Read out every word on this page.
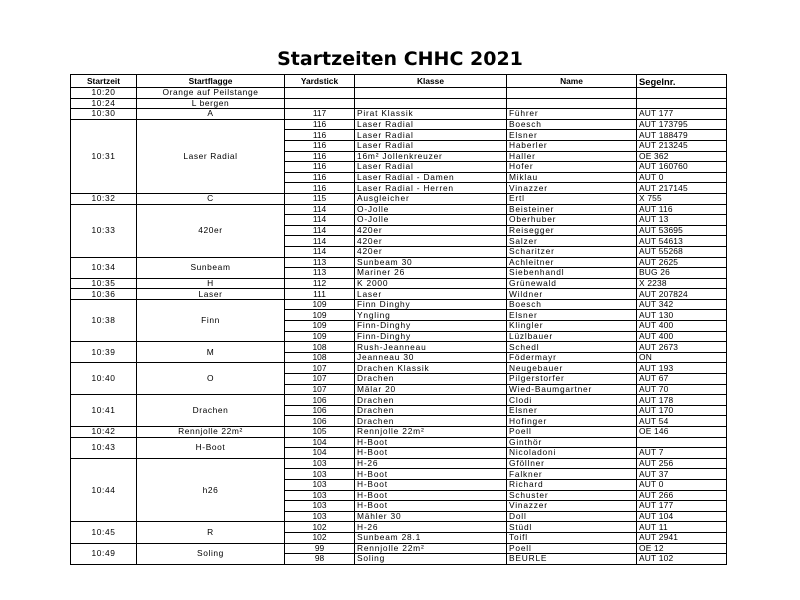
Startzeiten CHHC 2021
Startzeit	Startflagge	Yardstick	Klasse	Name	Segelnr.
10:20	Orange auf Peilstange				
10:24	L bergen				
10:30	A	117	Pirat Klassik	Führer	AUT 177
10:31	Laser Radial	116	Laser Radial	Boesch	AUT 173795
		116	Laser Radial	Elsner	AUT 188479
		116	Laser Radial	Haberler	AUT 213245
		116	16m² Jollenkreuzer	Haller	OE 362
		116	Laser Radial	Hofer	AUT 160760
		116	Laser Radial - Damen	Miklau	AUT 0
		116	Laser Radial - Herren	Vinazzer	AUT 217145
10:32	C	115	Ausgleicher	Ertl	X 755
10:33	420er	114	O-Jolle	Beisteiner	AUT 116
		114	O-Jolle	Oberhuber	AUT 13
		114	420er	Reisegger	AUT 53695
		114	420er	Salzer	AUT 54613
		114	420er	Scharitzer	AUT 55268
10:34	Sunbeam	113	Sunbeam 30	Achleitner	AUT 2625
		113	Mariner 26	Siebenhandl	BUG 26
10:35	H	112	K 2000	Grünewald	X 2238
10:36	Laser	111	Laser	Wildner	AUT 207824
10:38	Finn	109	Finn Dinghy	Boesch	AUT 342
		109	Yngling	Elsner	AUT 130
		109	Finn-Dinghy	Klingler	AUT 400
		109	Finn-Dinghy	Lüzlbauer	AUT 400
10:39	M	108	Rush-Jeanneau	Schedl	AUT 2673
		108	Jeanneau 30	Födermayr	ON
10:40	O	107	Drachen Klassik	Neugebauer	AUT 193
		107	Drachen	Pilgerstorfer	AUT 67
		107	Mälar 20	Wied-Baumgartner	AUT 70
10:41	Drachen	106	Drachen	Clodi	AUT 178
		106	Drachen	Elsner	AUT 170
		106	Drachen	Hofinger	AUT 54
10:42	Rennjolle 22m²	105	Rennjolle 22m²	Poell	OE 146
10:43	H-Boot	104	H-Boot	Ginthör	
		104	H-Boot	Nicoladoni	AUT 7
10:44	h26	103	H-26	Gföllner	AUT 256
		103	H-Boot	Falkner	AUT 37
		103	H-Boot	Richard	AUT 0
		103	H-Boot	Schuster	AUT 266
		103	H-Boot	Vinazzer	AUT 177
		103	Mähler 30	Doll	AUT 104
10:45	R	102	H-26	Stüdl	AUT 11
		102	Sunbeam 28.1	Toifl	AUT 2941
10:49	Soling	99	Rennjolle 22m²	Poell	OE 12
		98	Soling	BEURLE	AUT 102
